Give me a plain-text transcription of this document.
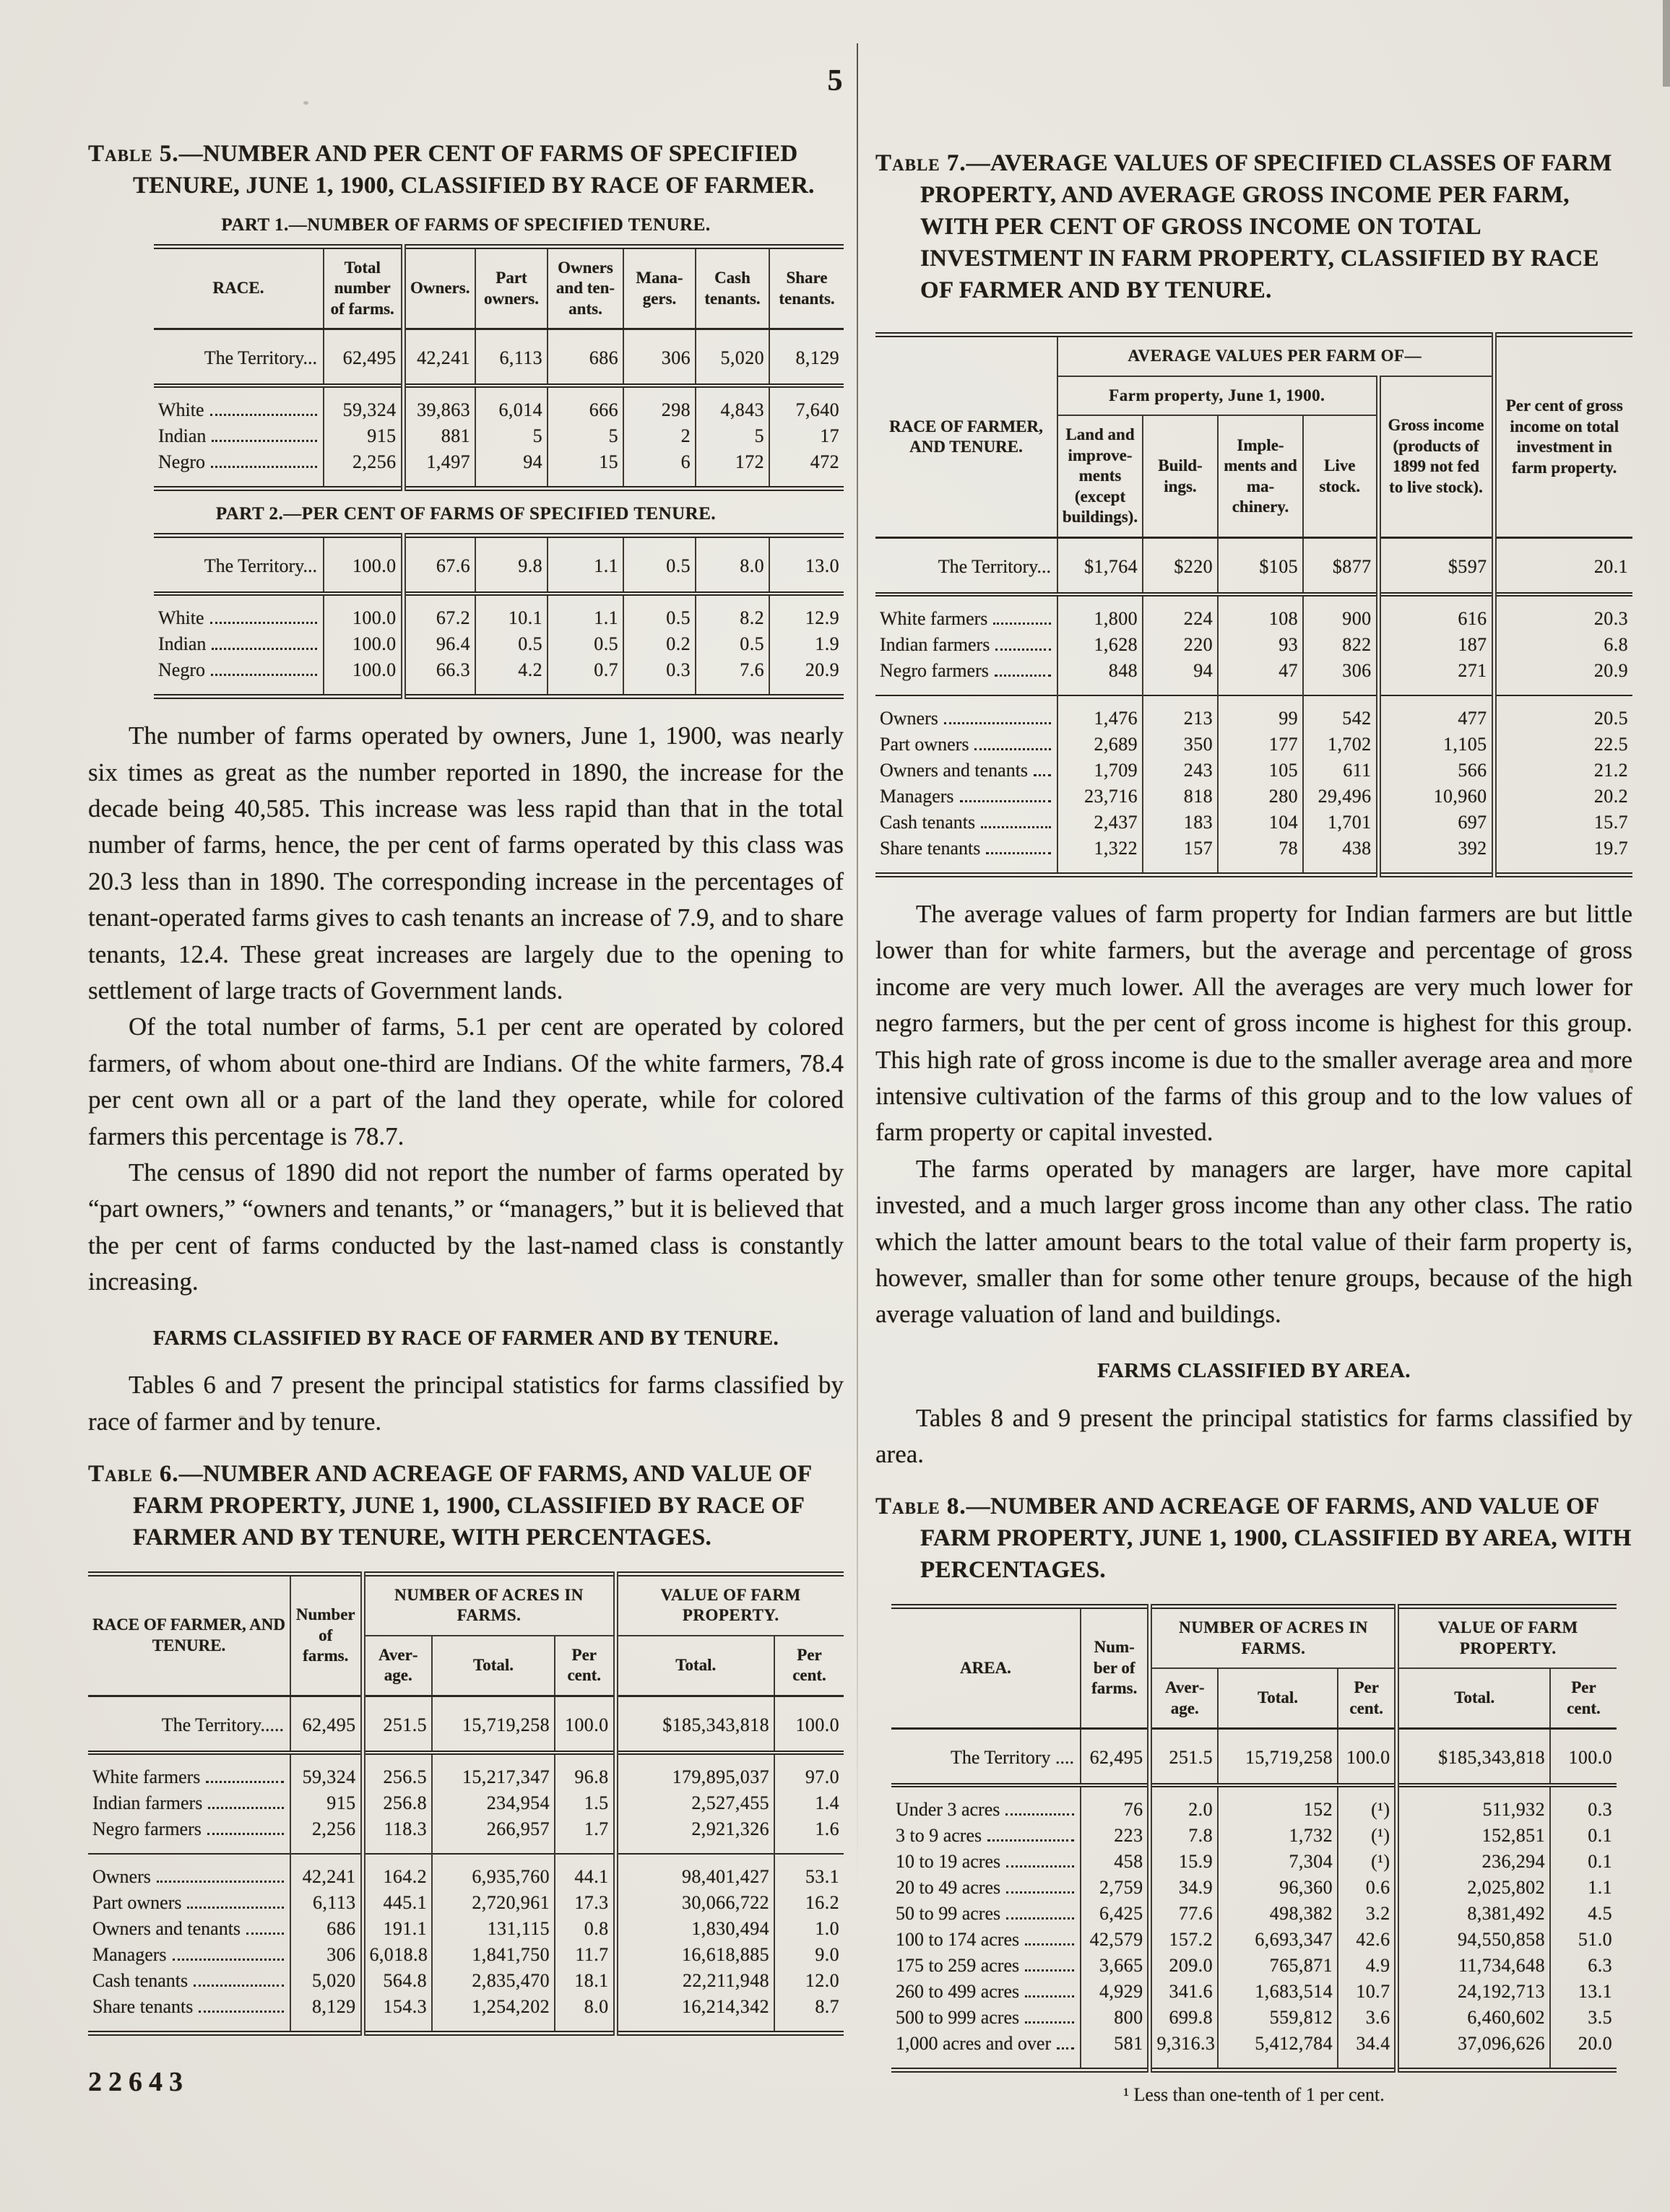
5

Table 5.—NUMBER AND PER CENT OF FARMS OF SPECIFIED TENURE, JUNE 1, 1900, CLASSIFIED BY RACE OF FARMER.

PART 1.—NUMBER OF FARMS OF SPECIFIED TENURE.
RACE.	Total number of farms.	Owners.	Part owners.	Owners and tenants.	Managers.	Cash tenants.	Share tenants.
The Territory...	62,495	42,241	6,113	686	306	5,020	8,129

White	59,324	39,863	6,014	666	298	4,843	7,640

Indian	915	881	5	5	2	5	17

Negro	2,256	1,497	94	15	6	172	472
PART 2.—PER CENT OF FARMS OF SPECIFIED TENURE.
The Territory...	100.0	67.6	9.8	1.1	0.5	8.0	13.0

White	100.0	67.2	10.1	1.1	0.5	8.2	12.9

Indian	100.0	96.4	0.5	0.5	0.2	0.5	1.9

Negro	100.0	66.3	4.2	0.7	0.3	7.6	20.9

The number of farms operated by owners, June 1, 1900, was nearly six times as great as the number reported in 1890, the increase for the decade being 40,585. This increase was less rapid than that in the total number of farms, hence, the per cent of farms operated by this class was 20.3 less than in 1890. The corresponding increase in the percentages of tenant-operated farms gives to cash tenants an increase of 7.9, and to share tenants, 12.4. These great increases are largely due to the opening to settlement of large tracts of Government lands.

Of the total number of farms, 5.1 per cent are operated by colored farmers, of whom about one-third are Indians. Of the white farmers, 78.4 per cent own all or a part of the land they operate, while for colored farmers this percentage is 78.7.

The census of 1890 did not report the number of farms operated by “part owners,” “owners and tenants,” or “managers,” but it is believed that the per cent of farms conducted by the last-named class is constantly increasing.

FARMS CLASSIFIED BY RACE OF FARMER AND BY TENURE.

Tables 6 and 7 present the principal statistics for farms classified by race of farmer and by tenure.

Table 6.—NUMBER AND ACREAGE OF FARMS, AND VALUE OF FARM PROPERTY, JUNE 1, 1900, CLASSIFIED BY RACE OF FARMER AND BY TENURE, WITH PERCENTAGES.

RACE OF FARMER, AND TENURE.	Number of farms.	NUMBER OF ACRES IN FARMS.			VALUE OF FARM PROPERTY.	
		Average.	Total.	Per cent.	Total.	Per cent.
The Territory.....	62,495	251.5	15,719,258	100.0	$185,343,818	100.0

White farmers	59,324	256.5	15,217,347	96.8	179,895,037	97.0

Indian farmers	915	256.8	234,954	1.5	2,527,455	1.4

Negro farmers	2,256	118.3	266,957	1.7	2,921,326	1.6

Owners	42,241	164.2	6,935,760	44.1	98,401,427	53.1

Part owners	6,113	445.1	2,720,961	17.3	30,066,722	16.2

Owners and tenants	686	191.1	131,115	0.8	1,830,494	1.0

Managers	306	6,018.8	1,841,750	11.7	16,618,885	9.0

Cash tenants	5,020	564.8	2,835,470	18.1	22,211,948	12.0

Share tenants	8,129	154.3	1,254,202	8.0	16,214,342	8.7
22643

Table 7.—AVERAGE VALUES OF SPECIFIED CLASSES OF FARM PROPERTY, AND AVERAGE GROSS INCOME PER FARM, WITH PER CENT OF GROSS INCOME ON TOTAL INVESTMENT IN FARM PROPERTY, CLASSIFIED BY RACE OF FARMER AND BY TENURE.

RACE OF FARMER, AND TENURE.	AVERAGE VALUES PER FARM OF—					Per cent of gross income on total investment in farm property.
	Farm property, June 1, 1900.				Gross income (products of 1899 not fed to live stock).	
	Land and improvements (except buildings).	Buildings.	Implements and machinery.	Live stock.		
The Territory...	$1,764	$220	$105	$877	$597	20.1

White farmers	1,800	224	108	900	616	20.3

Indian farmers	1,628	220	93	822	187	6.8

Negro farmers	848	94	47	306	271	20.9

Owners	1,476	213	99	542	477	20.5

Part owners	2,689	350	177	1,702	1,105	22.5

Owners and tenants	1,709	243	105	611	566	21.2

Managers	23,716	818	280	29,496	10,960	20.2

Cash tenants	2,437	183	104	1,701	697	15.7

Share tenants	1,322	157	78	438	392	19.7

The average values of farm property for Indian farmers are but little lower than for white farmers, but the average and percentage of gross income are very much lower. All the averages are very much lower for negro farmers, but the per cent of gross income is highest for this group. This high rate of gross income is due to the smaller average area and more intensive cultivation of the farms of this group and to the low values of farm property or capital invested.

The farms operated by managers are larger, have more capital invested, and a much larger gross income than any other class. The ratio which the latter amount bears to the total value of their farm property is, however, smaller than for some other tenure groups, because of the high average valuation of land and buildings.

FARMS CLASSIFIED BY AREA.

Tables 8 and 9 present the principal statistics for farms classified by area.

Table 8.—NUMBER AND ACREAGE OF FARMS, AND VALUE OF FARM PROPERTY, JUNE 1, 1900, CLASSIFIED BY AREA, WITH PERCENTAGES.

AREA.	Number of farms.	NUMBER OF ACRES IN FARMS.			VALUE OF FARM PROPERTY.	
		Average.	Total.	Per cent.	Total.	Per cent.
The Territory ....	62,495	251.5	15,719,258	100.0	$185,343,818	100.0

Under 3 acres	76	2.0	152	(¹)	511,932	0.3

3 to 9 acres	223	7.8	1,732	(¹)	152,851	0.1

10 to 19 acres	458	15.9	7,304	(¹)	236,294	0.1

20 to 49 acres	2,759	34.9	96,360	0.6	2,025,802	1.1

50 to 99 acres	6,425	77.6	498,382	3.2	8,381,492	4.5

100 to 174 acres	42,579	157.2	6,693,347	42.6	94,550,858	51.0

175 to 259 acres	3,665	209.0	765,871	4.9	11,734,648	6.3

260 to 499 acres	4,929	341.6	1,683,514	10.7	24,192,713	13.1

500 to 999 acres	800	699.8	559,812	3.6	6,460,602	3.5

1,000 acres and over	581	9,316.3	5,412,784	34.4	37,096,626	20.0
¹ Less than one-tenth of 1 per cent.
